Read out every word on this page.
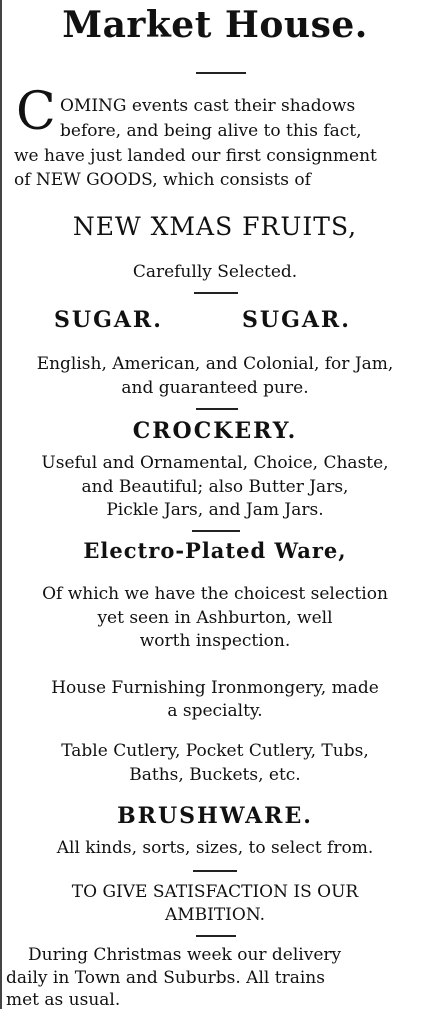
Market House.
C OMING events cast their shadows
before, and being alive to this fact,
we have just landed our first consignment
of NEW GOODS, which consists of
NEW XMAS FRUITS,
Carefully Selected.
SUGAR.	SUGAR.
English, American, and Colonial, for Jam,
and guaranteed pure.
CROCKERY.
Useful and Ornamental, Choice, Chaste,
and Beautiful; also Butter Jars,
Pickle Jars, and Jam Jars.
Electro-Plated Ware,
Of which we have the choicest selection
yet seen in Ashburton, well
worth inspection.
House Furnishing Ironmongery, made
a specialty.
Table Cutlery, Pocket Cutlery, Tubs,
Baths, Buckets, etc.
BRUSHWARE.
All kinds, sorts, sizes, to select from.
TO GIVE SATISFACTION IS OUR
AMBITION.
During Christmas week our delivery
daily in Town and Suburbs. All trains
met as usual.
